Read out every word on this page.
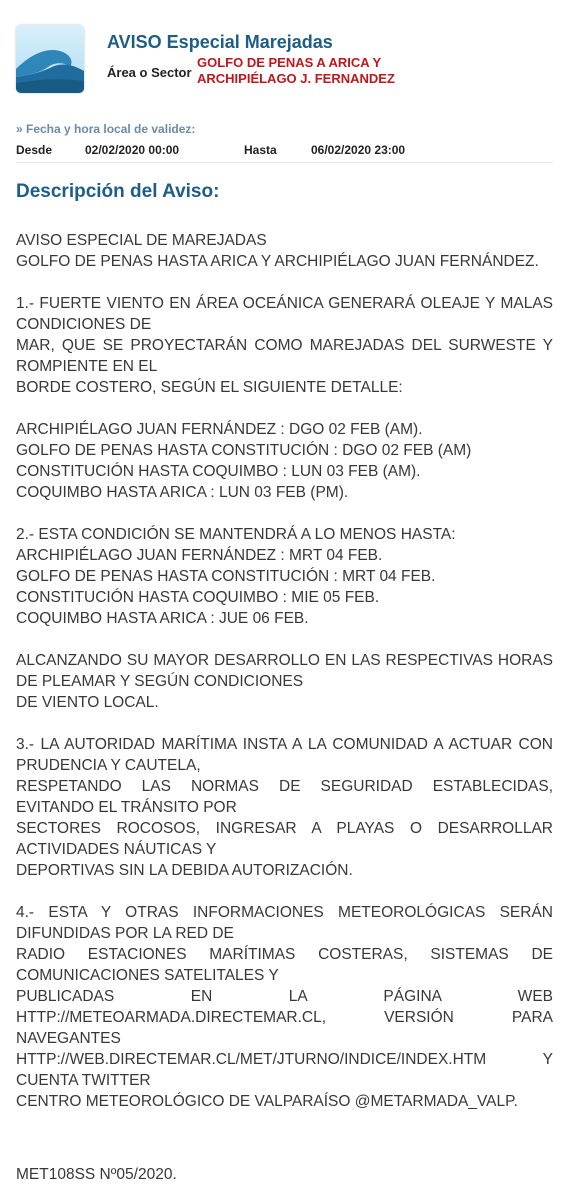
AVISO Especial Marejadas
Área o Sector
GOLFO DE PENAS A ARICA Y
ARCHIPIÉLAGO J. FERNANDEZ
» Fecha y hora local de validez:
Desde	02/02/2020 00:00	Hasta	06/02/2020 23:00
Descripción del Aviso:

AVISO ESPECIAL DE MAREJADAS
GOLFO DE PENAS HASTA ARICA Y ARCHIPIÉLAGO JUAN FERNÁNDEZ.

1.- FUERTE VIENTO EN ÁREA OCEÁNICA GENERARÁ OLEAJE Y MALAS CONDICIONES DE
MAR, QUE SE PROYECTARÁN COMO MAREJADAS DEL SURWESTE Y ROMPIENTE EN EL
BORDE COSTERO, SEGÚN EL SIGUIENTE DETALLE:

ARCHIPIÉLAGO JUAN FERNÁNDEZ : DGO 02 FEB (AM).
GOLFO DE PENAS HASTA CONSTITUCIÓN : DGO 02 FEB (AM)
CONSTITUCIÓN HASTA COQUIMBO : LUN 03 FEB (AM).
COQUIMBO HASTA ARICA : LUN 03 FEB (PM).

2.- ESTA CONDICIÓN SE MANTENDRÁ A LO MENOS HASTA:
ARCHIPIÉLAGO JUAN FERNÁNDEZ : MRT 04 FEB.
GOLFO DE PENAS HASTA CONSTITUCIÓN : MRT 04 FEB.
CONSTITUCIÓN HASTA COQUIMBO : MIE 05 FEB.
COQUIMBO HASTA ARICA : JUE 06 FEB.

ALCANZANDO SU MAYOR DESARROLLO EN LAS RESPECTIVAS HORAS DE PLEAMAR Y SEGÚN CONDICIONES
DE VIENTO LOCAL.

3.- LA AUTORIDAD MARÍTIMA INSTA A LA COMUNIDAD A ACTUAR CON PRUDENCIA Y CAUTELA,
RESPETANDO LAS NORMAS DE SEGURIDAD ESTABLECIDAS, EVITANDO EL TRÁNSITO POR
SECTORES ROCOSOS, INGRESAR A PLAYAS O DESARROLLAR ACTIVIDADES NÁUTICAS Y
DEPORTIVAS SIN LA DEBIDA AUTORIZACIÓN.

4.- ESTA Y OTRAS INFORMACIONES METEOROLÓGICAS SERÁN DIFUNDIDAS POR LA RED DE
RADIO ESTACIONES MARÍTIMAS COSTERAS, SISTEMAS DE COMUNICACIONES SATELITALES Y
PUBLICADAS EN LA PÁGINA WEB HTTP://METEOARMADA.DIRECTEMAR.CL, VERSIÓN PARA NAVEGANTES
HTTP://WEB.DIRECTEMAR.CL/MET/JTURNO/INDICE/INDEX.HTM Y CUENTA TWITTER
CENTRO METEOROLÓGICO DE VALPARAÍSO @METARMADA_VALP.

MET108SS Nº05/2020.
